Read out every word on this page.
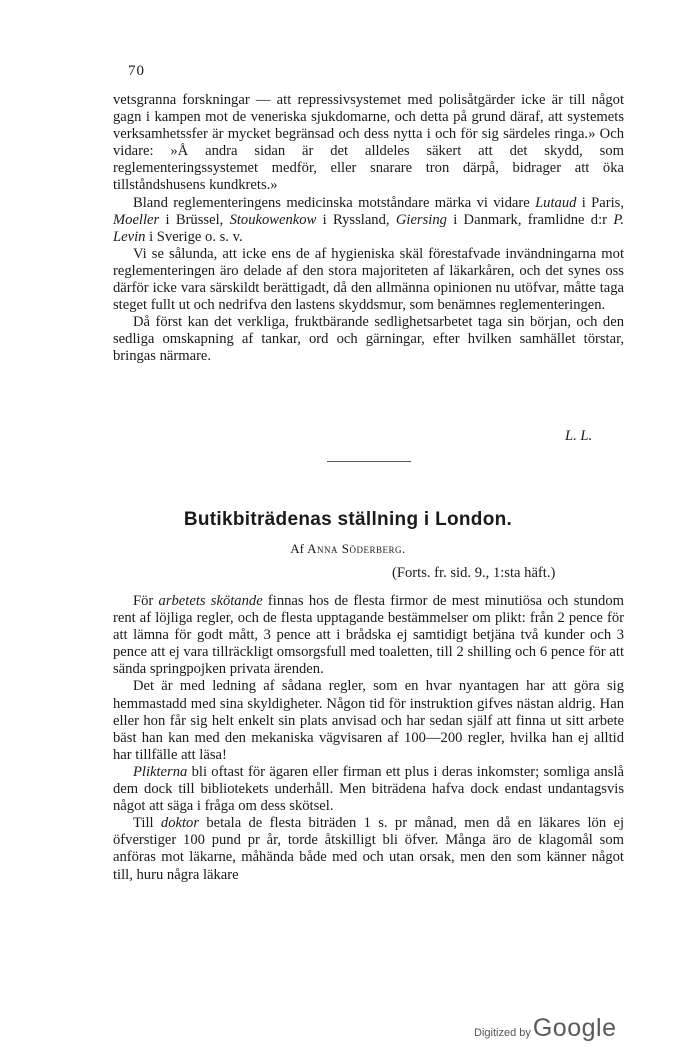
70

vetsgranna forskningar — att repressivsystemet med polisåtgärder icke är till något gagn i kampen mot de veneriska sjukdomarne, och detta på grund däraf, att systemets verksamhetssfer är mycket begränsad och dess nytta i och för sig särdeles ringa.» Och vidare: »Å andra sidan är det alldeles säkert att det skydd, som reglementeringssystemet medför, eller snarare tron därpå, bidrager att öka tillståndshusens kundkrets.»

Bland reglementeringens medicinska motståndare märka vi vidare Lutaud i Paris, Moeller i Brüssel, Stoukowenkow i Ryssland, Giersing i Danmark, framlidne d:r P. Levin i Sverige o. s. v.

Vi se sålunda, att icke ens de af hygieniska skäl förestafvade invändningarna mot reglementeringen äro delade af den stora majoriteten af läkarkåren, och det synes oss därför icke vara särskildt berättigadt, då den allmänna opinionen nu utöfvar, måtte taga steget fullt ut och nedrifva den lastens skyddsmur, som benämnes reglementeringen.

Då först kan det verkliga, fruktbärande sedlighetsarbetet taga sin början, och den sedliga omskapning af tankar, ord och gärningar, efter hvilken samhället törstar, bringas närmare.

L. L.
Butikbiträdenas ställning i London.
Af Anna Söderberg.
(Forts. fr. sid. 9., 1:sta häft.)

För arbetets skötande finnas hos de flesta firmor de mest minutiösa och stundom rent af löjliga regler, och de flesta upptagande bestämmelser om plikt: från 2 pence för att lämna för godt mått, 3 pence att i brådska ej samtidigt betjäna två kunder och 3 pence att ej vara tillräckligt omsorgsfull med toaletten, till 2 shilling och 6 pence för att sända springpojken privata ärenden.

Det är med ledning af sådana regler, som en hvar nyantagen har att göra sig hemmastadd med sina skyldigheter. Någon tid för instruktion gifves nästan aldrig. Han eller hon får sig helt enkelt sin plats anvisad och har sedan själf att finna ut sitt arbete bäst han kan med den mekaniska vägvisaren af 100—200 regler, hvilka han ej alltid har tillfälle att läsa!

Plikterna bli oftast för ägaren eller firman ett plus i deras inkomster; somliga anslå dem dock till bibliotekets underhåll. Men biträdena hafva dock endast undantagsvis något att säga i fråga om dess skötsel.

Till doktor betala de flesta biträden 1 s. pr månad, men då en läkares lön ej öfverstiger 100 pund pr år, torde åtskilligt bli öfver. Många äro de klagomål som anföras mot läkarne, måhända både med och utan orsak, men den som känner något till, huru några läkare

Digitized by Google
